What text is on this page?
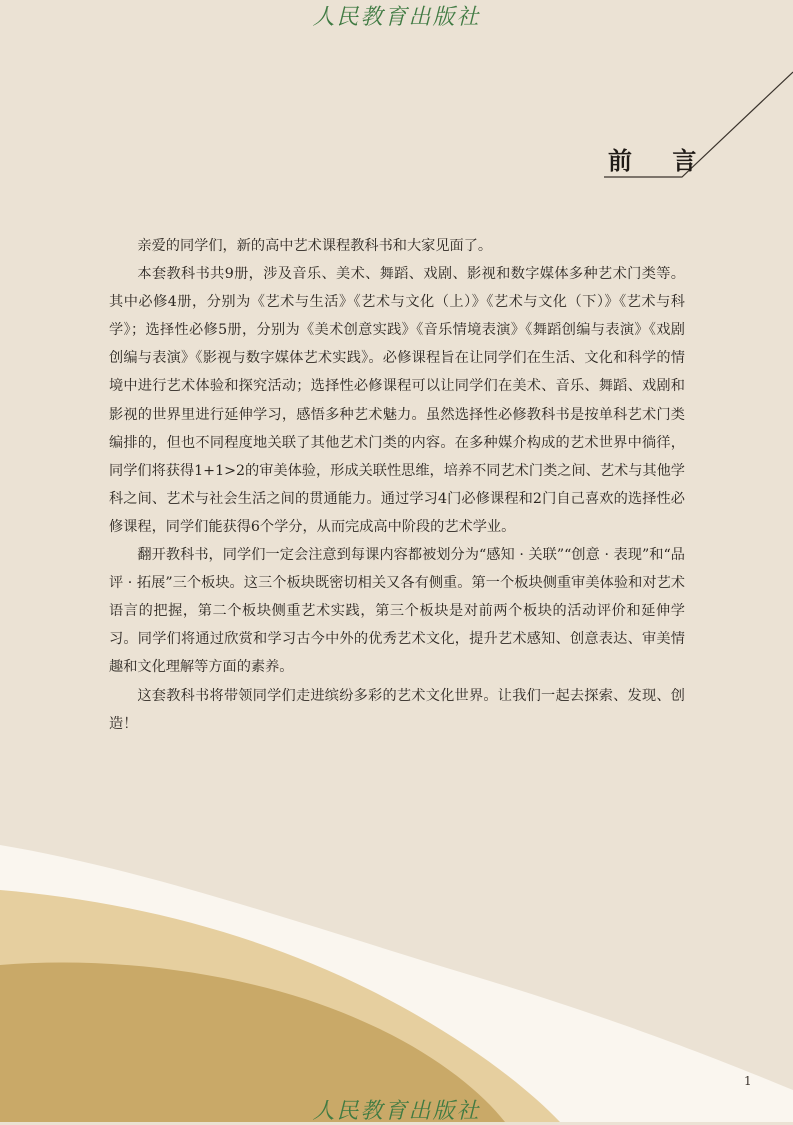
人民教育出版社
前 言

亲爱的同学们，新的高中艺术课程教科书和大家见面了。

本套教科书共9册，涉及音乐、美术、舞蹈、戏剧、影视和数字媒体多种艺术门类等。其中必修4册，分别为《艺术与生活》《艺术与文化（上）》《艺术与文化（下）》《艺术与科学》；选择性必修5册，分别为《美术创意实践》《音乐情境表演》《舞蹈创编与表演》《戏剧创编与表演》《影视与数字媒体艺术实践》。必修课程旨在让同学们在生活、文化和科学的情境中进行艺术体验和探究活动；选择性必修课程可以让同学们在美术、音乐、舞蹈、戏剧和影视的世界里进行延伸学习，感悟多种艺术魅力。虽然选择性必修教科书是按单科艺术门类编排的，但也不同程度地关联了其他艺术门类的内容。在多种媒介构成的艺术世界中徜徉，同学们将获得1+1>2的审美体验，形成关联性思维，培养不同艺术门类之间、艺术与其他学科之间、艺术与社会生活之间的贯通能力。通过学习4门必修课程和2门自己喜欢的选择性必修课程，同学们能获得6个学分，从而完成高中阶段的艺术学业。

翻开教科书，同学们一定会注意到每课内容都被划分为“感知 · 关联”“创意 · 表现”和“品评 · 拓展”三个板块。这三个板块既密切相关又各有侧重。第一个板块侧重审美体验和对艺术语言的把握，第二个板块侧重艺术实践，第三个板块是对前两个板块的活动评价和延伸学习。同学们将通过欣赏和学习古今中外的优秀艺术文化，提升艺术感知、创意表达、审美情趣和文化理解等方面的素养。

这套教科书将带领同学们走进缤纷多彩的艺术文化世界。让我们一起去探索、发现、创造！

1
人民教育出版社
